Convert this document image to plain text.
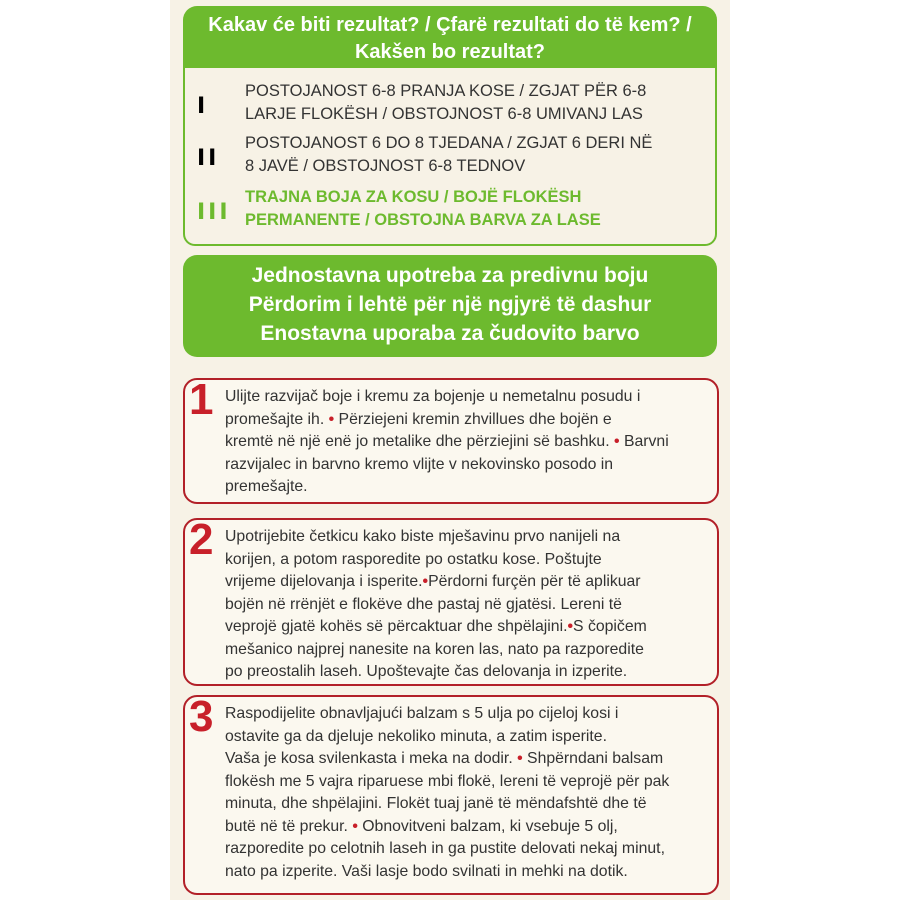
Kakav će biti rezultat? / Çfarë rezultati do të kem? /
Kakšen bo rezultat?
I
POSTOJANOST 6-8 PRANJA KOSE / ZGJAT PËR 6-8
LARJE FLOKËSH / OBSTOJNOST 6-8 UMIVANJ LAS
II
POSTOJANOST 6 DO 8 TJEDANA / ZGJAT 6 DERI NË
8 JAVË / OBSTOJNOST 6-8 TEDNOV
III
TRAJNA BOJA ZA KOSU / BOJË FLOKËSH
PERMANENTE / OBSTOJNA BARVA ZA LASE
Jednostavna upotreba za predivnu boju
Përdorim i lehtë për një ngjyrë të dashur
Enostavna uporaba za čudovito barvo
1 Ulijte razvijač boje i kremu za bojenje u nemetalnu posudu i
promešajte ih. • Përziejeni kremin zhvillues dhe bojën e
kremtë në një enë jo metalike dhe përziejini së bashku. • Barvni
razvijalec in barvno kremo vlijte v nekovinsko posodo in
premešajte.
2 Upotrijebite četkicu kako biste mješavinu prvo nanijeli na
korijen, a potom rasporedite po ostatku kose. Poštujte
vrijeme dijelovanja i isperite.•Përdorni furçën për të aplikuar
bojën në rrënjët e flokëve dhe pastaj në gjatësi. Lereni të
veprojë gjatë kohës së përcaktuar dhe shpëlajini.•S čopičem
mešanico najprej nanesite na koren las, nato pa razporedite
po preostalih laseh. Upoštevajte čas delovanja in izperite.
3 Raspodijelite obnavljajući balzam s 5 ulja po cijeloj kosi i
ostavite ga da djeluje nekoliko minuta, a zatim isperite.
Vaša je kosa svilenkasta i meka na dodir. • Shpërndani balsam
flokësh me 5 vajra riparuese mbi flokë, lereni të veprojë për pak
minuta, dhe shpëlajini. Flokët tuaj janë të mëndafshtë dhe të
butë në të prekur. • Obnovitveni balzam, ki vsebuje 5 olj,
razporedite po celotnih laseh in ga pustite delovati nekaj minut,
nato pa izperite. Vaši lasje bodo svilnati in mehki na dotik.
